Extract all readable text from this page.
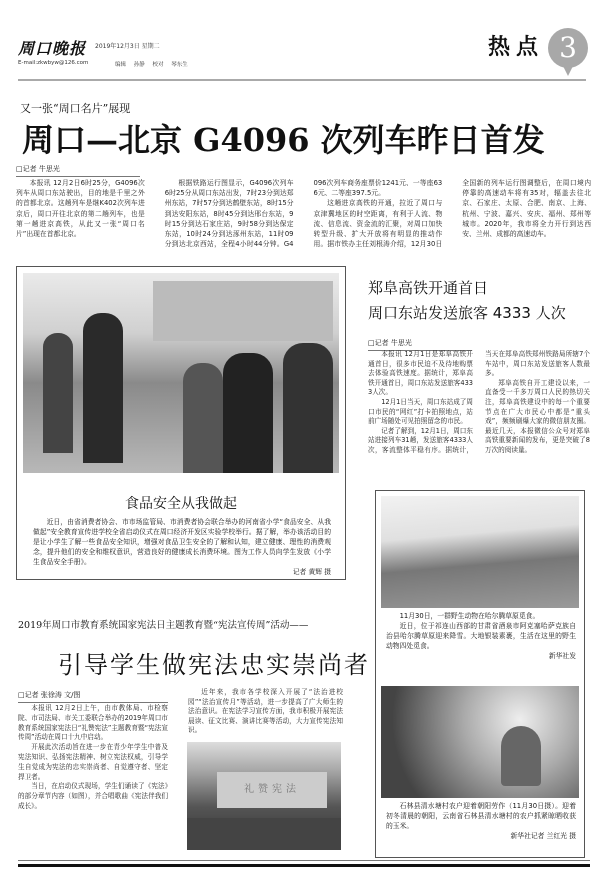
周口晚报 2019年12月3日 星期二
E-mail:zkwbyw@126.com	编辑 孙静 校对 琴东生
热点 3
又一张“周口名片”展现
周口—北京 G4096 次列车昨日首发
□记者 牛思光

本报讯 12月2日6时25分，G4096次列车从周口东站驶出，目的地是千里之外的首都北京。这趟列车是继K402次列车进京后，周口开往北京的第二趟列车，也是第一趟进京高铁，从此又一张“周口名片”出现在首都北京。

根据铁路运行图显示，G4096次列车6时25分从周口东站出发，7时23分到达郑州东站，7时57分到达鹤壁东站，8时15分到达安阳东站，8时45分到达邢台东站，9时15分到达石家庄站，9时58分到达保定东站，10时24分到达涿州东站，11时09分到达北京西站，全程4小时44分钟。G4096次列车商务座票价1241元、一等座636元、二等座397.5元。

这趟进京高铁的开通，拉近了周口与京津冀地区的时空距离，有利于人流、物流、信息流、资金流的汇聚，对周口加快转型升级、扩大开放将有明显的推动作用。据市铁办主任刘根涛介绍，12月30日全国新的列车运行图调整后，在周口境内停靠的高速动车将有35对，辐盖去往北京、石家庄、太原、合肥、南京、上海、杭州、宁波、嘉兴、安庆、福州、郑州等城市。2020年，我市将全力开行到达西安、兰州、成都的高速动车。

食品安全从我做起

近日，由省消费者协会、市市场监管局、市消费者协会联合举办的河南省小学“食品安全、从我做起”安全教育宣传进学校全省启动仪式在周口经济开发区实验学校举行。据了解，举办该活动目的是让小学生了解一些食品安全知识，增强对食品卫生安全的了解和认知，建立健康、理性的消费观念，提升他们的安全和维权意识，营造良好的健康成长消费环境。图为工作人员向学生发放《小学生食品安全手册》。

记者 黄辉 摄
郑阜高铁开通首日
周口东站发送旅客 4333 人次
□记者 牛思光

本报讯 12月1日是郑阜高铁开通首日，很多市民迫不及待地购票去体验高铁速度。据统计，郑阜高铁开通首日，周口东站发送旅客4333人次。

12月1日当天，周口东站成了周口市民的“网红”打卡拍照地点，站前广场随处可见拍照留念的市民。

记者了解到，12月1日，周口东站进接列车31趟，发送旅客4333人次，客流整体平稳有序。据统计，当天在郑阜高铁郑州铁路局所辖7个车站中，周口东站发送旅客人数最多。

郑阜高铁自开工建设以来，一直备受一千多万周口人民的热切关注，郑阜高铁建设中的每一个重要节点在广大市民心中都是“重头戏”，频频刷爆大家的微信朋友圈。最近几天，本报微信公众号对郑阜高铁重要新闻的发布，更是突破了8万次的阅读量。

11月30日，一群野生动物在哈尔腾草原觅食。

近日，位于祁连山西部的甘肃省酒泉市阿克塞哈萨克族自治县哈尔腾草原迎来降雪。大地银装素裹，生活在这里的野生动物四处觅食。

新华社发

石林县清水塘村农户迎着朝阳劳作（11月30日摄）。迎着初冬清晨的朝阳，云南省石林县清水塘村的农户抓紧晾晒收获的玉米。

新华社记者 兰红光 摄
2019年周口市教育系统国家宪法日主题教育暨“宪法宣传周”活动——
引导学生做宪法忠实崇尚者
□记者 张徐涛 文/图

本报讯 12月2日上午，由市教体局、市检察院、市司法局、市关工委联合举办的2019年周口市教育系统国家宪法日“礼赞宪法”主题教育暨“宪法宣传周”活动在周口十九中启动。

开展此次活动旨在进一步在青少年学生中普及宪法知识、弘扬宪法精神、树立宪法权威，引导学生自觉成为宪法的忠实崇尚者、自觉遵守者、坚定捍卫者。

当日，在启动仪式现场，学生们诵读了《宪法》的部分章节内容（如图），并合唱歌曲《宪法伴我们成长》。

近年来，我市各学校深入开展了“法治进校园”“法治宣传月”等活动，进一步提高了广大师生的法治意识。在宪法学习宣传方面，我市积极开展宪法晨读、征文比赛、演讲比赛等活动，大力宣传宪法知识。

礼赞宪法
